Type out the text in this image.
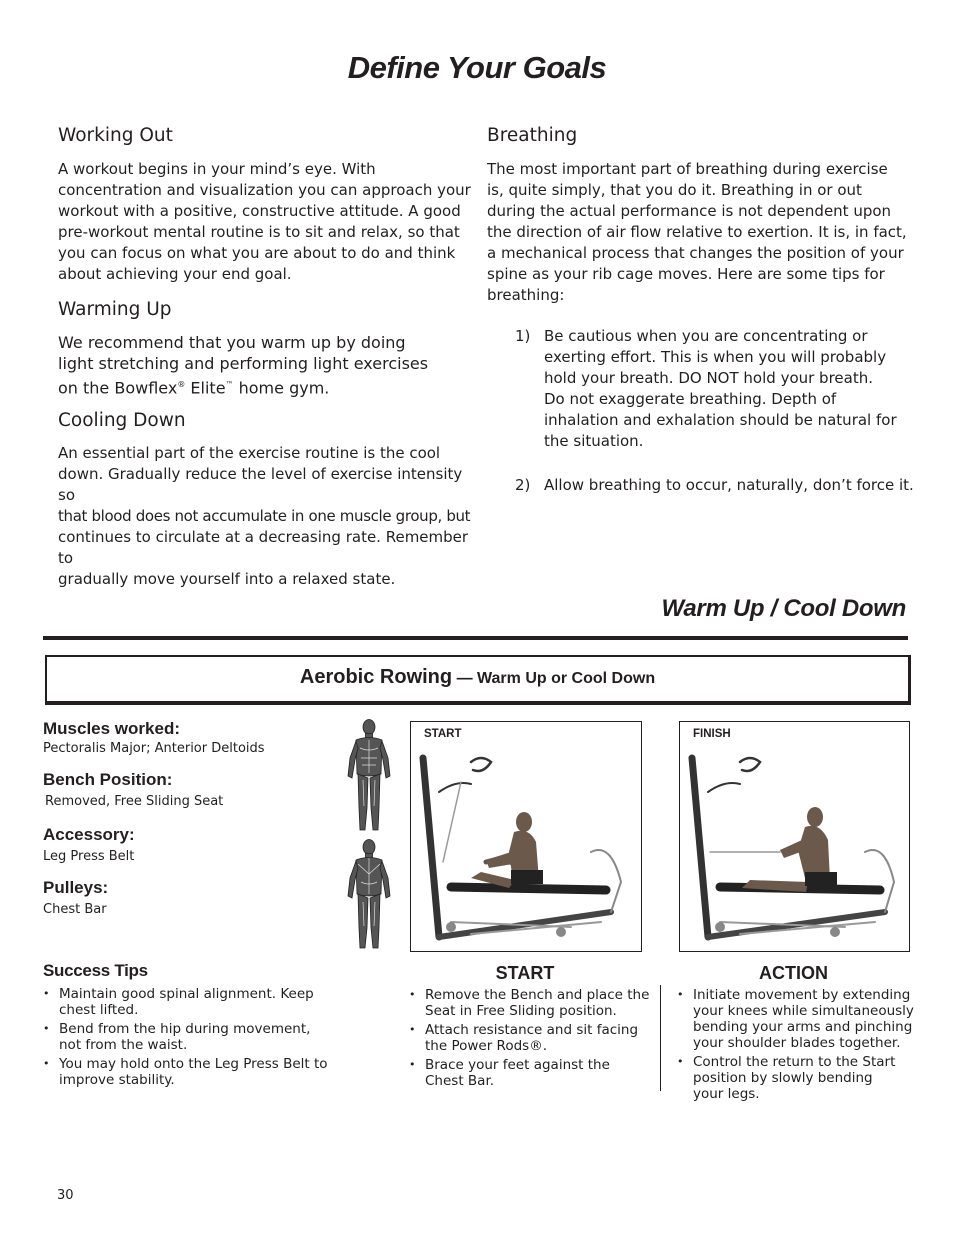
Define Your Goals
Working Out
A workout begins in your mind’s eye. With
concentration and visualization you can approach your
workout with a positive, constructive attitude. A good
pre-workout mental routine is to sit and relax, so that
you can focus on what you are about to do and think
about achieving your end goal.
Warming Up
We recommend that you warm up by doing
light stretching and performing light exercises
on the Bowflex® Elite™ home gym.
Cooling Down
An essential part of the exercise routine is the cool
down. Gradually reduce the level of exercise intensity so
that blood does not accumulate in one muscle group, but
continues to circulate at a decreasing rate. Remember to
gradually move yourself into a relaxed state.
Breathing
The most important part of breathing during exercise
is, quite simply, that you do it. Breathing in or out
during the actual performance is not dependent upon
the direction of air flow relative to exertion. It is, in fact,
a mechanical process that changes the position of your
spine as your rib cage moves. Here are some tips for
breathing:
1) Be cautious when you are concentrating or
exerting effort. This is when you will probably
hold your breath. DO NOT hold your breath.
Do not exaggerate breathing. Depth of
inhalation and exhalation should be natural for
the situation.
2) Allow breathing to occur, naturally, don’t force it.
Warm Up / Cool Down
Aerobic Rowing — Warm Up or Cool Down
Muscles worked:
Pectoralis Major; Anterior Deltoids
Bench Position:
Removed, Free Sliding Seat
Accessory:
Leg Press Belt
Pulleys:
Chest Bar
START	FINISH
Success Tips
• Maintain good spinal alignment. Keep
chest lifted.
• Bend from the hip during movement,
not from the waist.
• You may hold onto the Leg Press Belt to
improve stability.
START
• Remove the Bench and place the
Seat in Free Sliding position.
• Attach resistance and sit facing
the Power Rods®.
• Brace your feet against the
Chest Bar.
ACTION
• Initiate movement by extending
your knees while simultaneously
bending your arms and pinching
your shoulder blades together.
• Control the return to the Start
position by slowly bending
your legs.
30
